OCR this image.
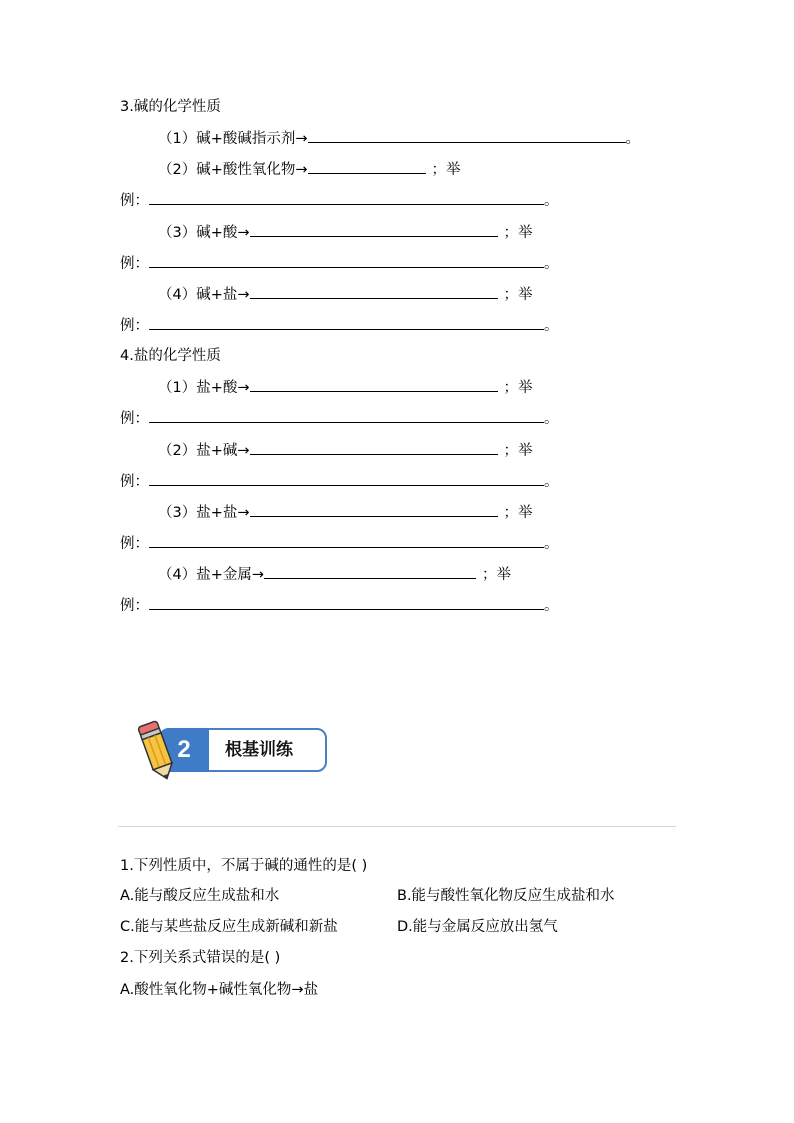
3.碱的化学性质
（1）碱+酸碱指示剂→	。
（2）碱+酸性氧化物→	；举
例：	。
（3）碱+酸→	；举
例：	。
（4）碱+盐→	；举
例：	。
4.盐的化学性质
（1）盐+酸→	；举
例：	。
（2）盐+碱→	；举
例：	。
（3）盐+盐→	；举
例：	。
（4）盐+金属→	；举
例：	。
2	根基训练
1.下列性质中，不属于碱的通性的是( )
A.能与酸反应生成盐和水	B.能与酸性氧化物反应生成盐和水
C.能与某些盐反应生成新碱和新盐	D.能与金属反应放出氢气
2.下列关系式错误的是( )
A.酸性氧化物+碱性氧化物→盐
